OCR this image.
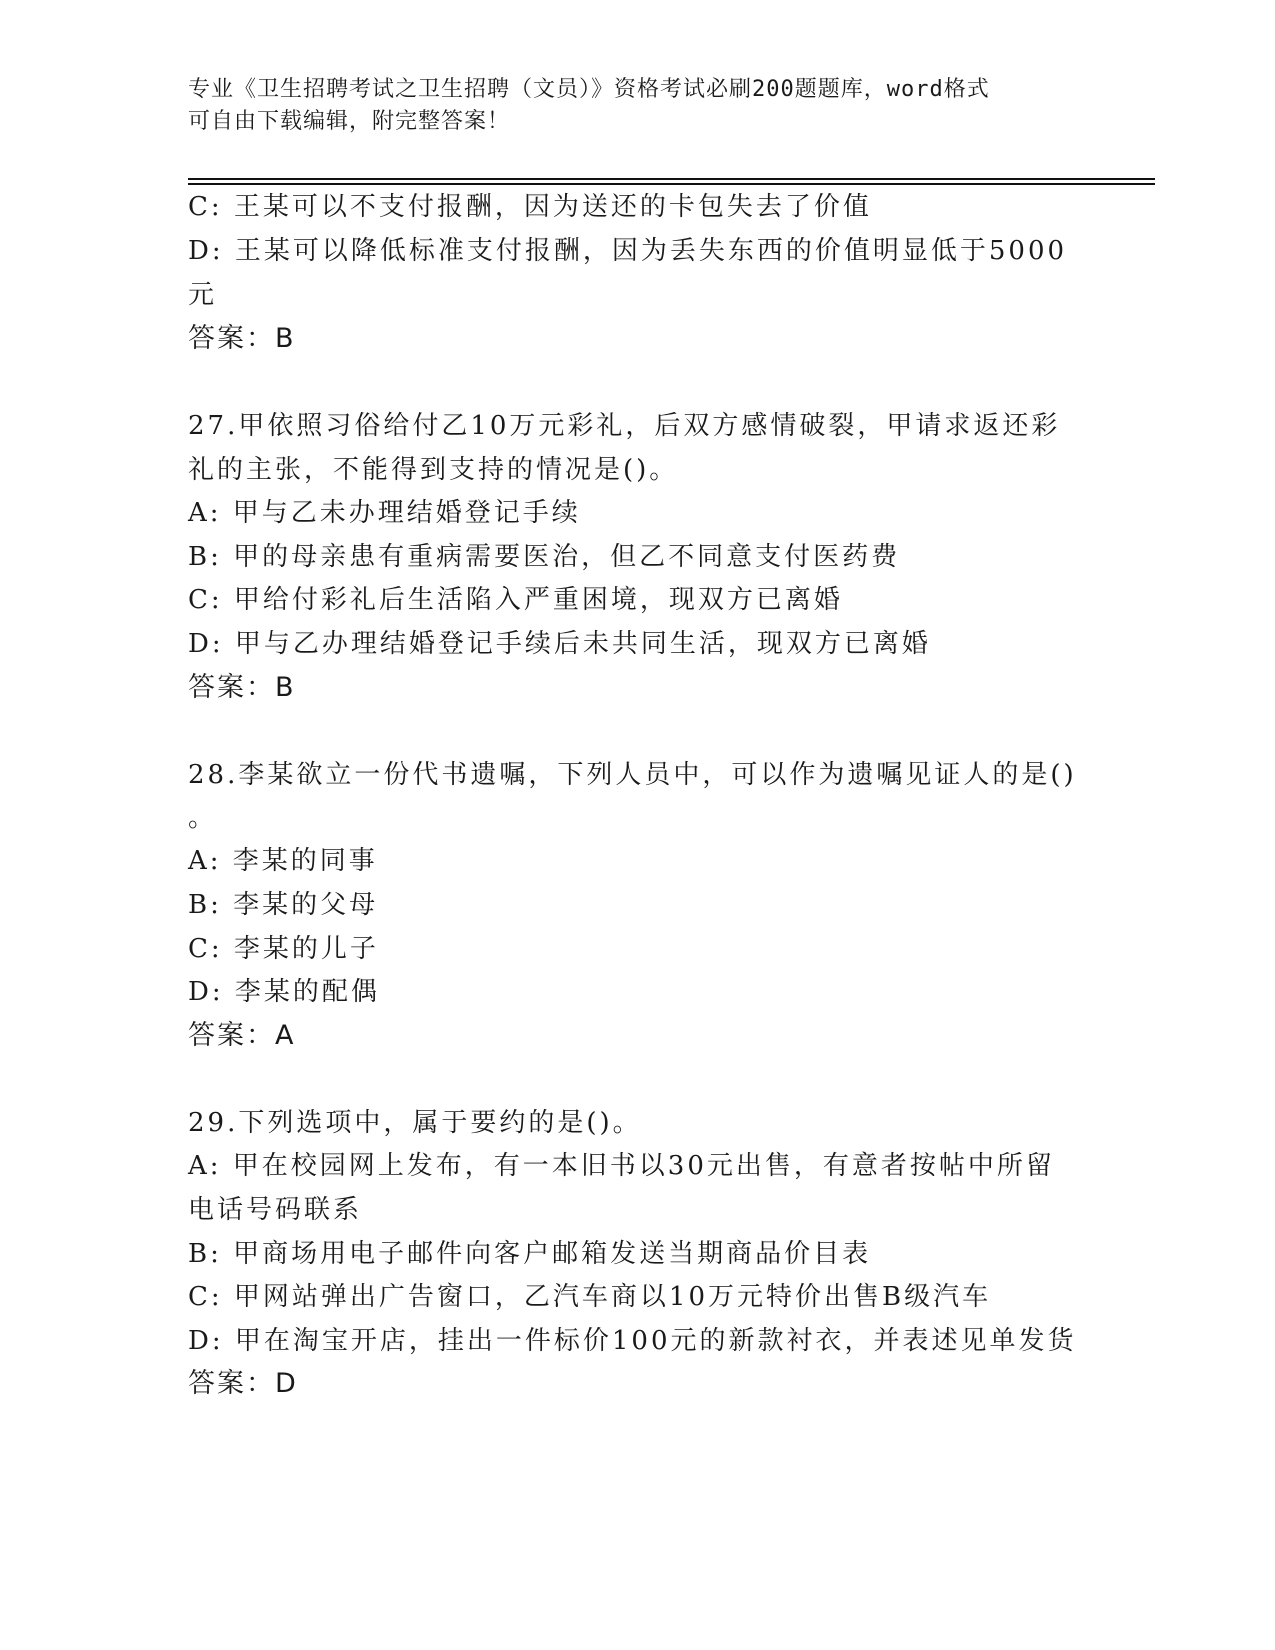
专业《卫生招聘考试之卫生招聘（文员）》资格考试必刷200题题库，word格式
可自由下载编辑，附完整答案！
C: 王某可以不支付报酬，因为送还的卡包失去了价值
D: 王某可以降低标准支付报酬，因为丢失东西的价值明显低于5000
元
答案：B
27.甲依照习俗给付乙10万元彩礼，后双方感情破裂，甲请求返还彩
礼的主张，不能得到支持的情况是()。
A: 甲与乙未办理结婚登记手续
B: 甲的母亲患有重病需要医治，但乙不同意支付医药费
C: 甲给付彩礼后生活陷入严重困境，现双方已离婚
D: 甲与乙办理结婚登记手续后未共同生活，现双方已离婚
答案：B
28.李某欲立一份代书遗嘱，下列人员中，可以作为遗嘱见证人的是()
。
A: 李某的同事
B: 李某的父母
C: 李某的儿子
D: 李某的配偶
答案：A
29.下列选项中，属于要约的是()。
A: 甲在校园网上发布，有一本旧书以30元出售，有意者按帖中所留
电话号码联系
B: 甲商场用电子邮件向客户邮箱发送当期商品价目表
C: 甲网站弹出广告窗口，乙汽车商以10万元特价出售B级汽车
D: 甲在淘宝开店，挂出一件标价100元的新款衬衣，并表述见单发货
答案：D
